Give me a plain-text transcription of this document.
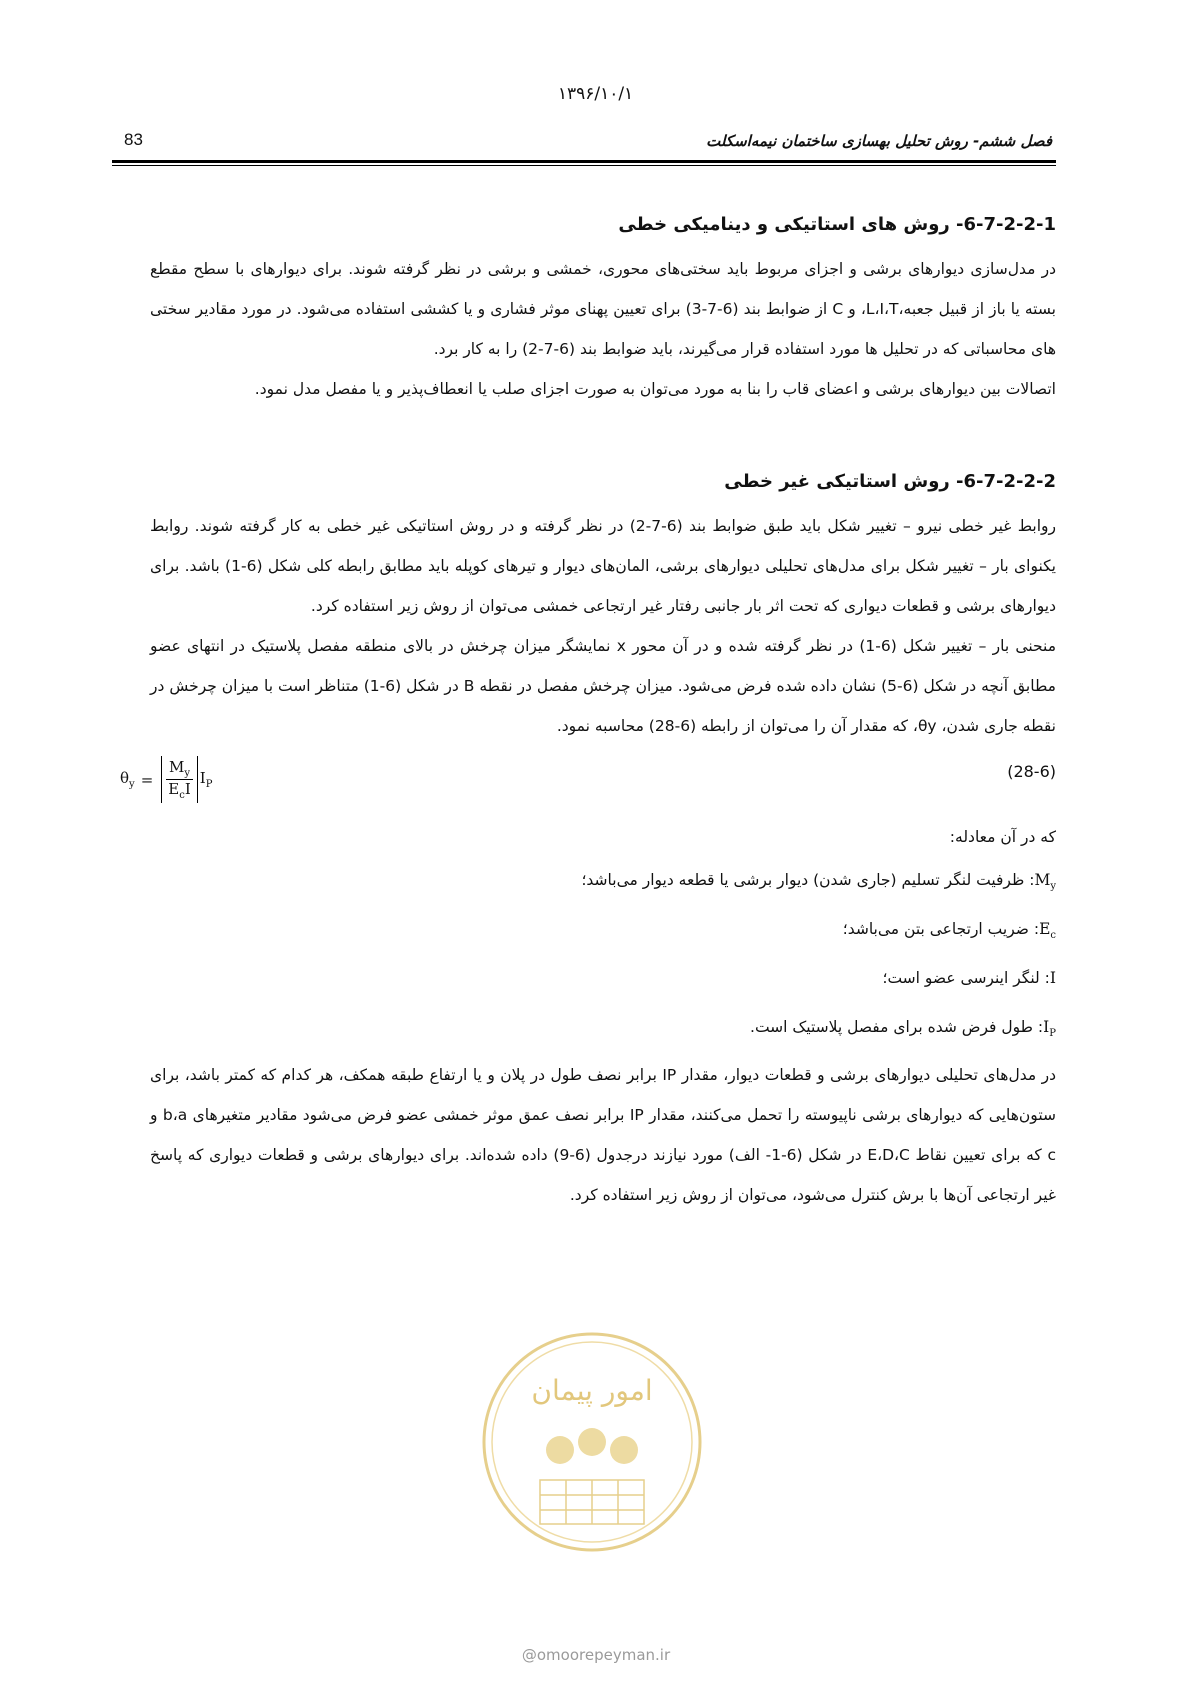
۱۳۹۶/۱۰/۱
83	فصل ششم- روش تحلیل بهسازی ساختمان نیمه‌اسکلت
6-7-2-2-1- روش های استاتیکی و دینامیکی خطی

در مدل‌سازی دیوارهای برشی و اجزای مربوط باید سختی‌های محوری، خمشی و برشی در نظر گرفته شوند. برای دیوارهای با سطح مقطع بسته یا باز از قبیل جعبه،L،I،T، و C از ضوابط بند (6-7-3) برای تعیین پهنای موثر فشاری و یا کششی استفاده می‌شود. در مورد مقادیر سختی های محاسباتی که در تحلیل ها مورد استفاده قرار می‌گیرند، باید ضوابط بند (6-7-2) را به کار برد.

اتصالات بین دیوارهای برشی و اعضای قاب را بنا به مورد می‌توان به صورت اجزای صلب یا انعطاف‌پذیر و یا مفصل مدل نمود.

6-7-2-2-2- روش استاتیکی غیر خطی

روابط غیر خطی نیرو – تغییر شکل باید طبق ضوابط بند (6-7-2) در نظر گرفته و در روش استاتیکی غیر خطی به کار گرفته شوند. روابط یکنوای بار – تغییر شکل برای مدل‌های تحلیلی دیوارهای برشی، المان‌های دیوار و تیرهای کوپله باید مطابق رابطه کلی شکل (6-1) باشد. برای دیوارهای برشی و قطعات دیواری که تحت اثر بار جانبی رفتار غیر ارتجاعی خمشی می‌توان از روش زیر استفاده کرد.

منحنی بار – تغییر شکل (6-1) در نظر گرفته شده و در آن محور x نمایشگر میزان چرخش در بالای منطقه مفصل پلاستیک در انتهای عضو مطابق آنچه در شکل (6-5) نشان داده شده فرض می‌شود. میزان چرخش مفصل در نقطه B در شکل (6-1) متناظر است با میزان چرخش در نقطه جاری شدن، θy، که مقدار آن را می‌توان از رابطه (6-28) محاسبه نمود.

$\theta_y = \frac{M_y}{E_cI} I_P$
(28-6)

که در آن معادله:

$M_y$: ظرفیت لنگر تسلیم (جاری شدن) دیوار برشی یا قطعه دیوار می‌باشد؛

$E_c$: ضریب ارتجاعی بتن می‌باشد؛

I: لنگر اینرسی عضو است؛

$I_P$: طول فرض شده برای مفصل پلاستیک است.

در مدل‌های تحلیلی دیوارهای برشی و قطعات دیوار، مقدار IP برابر نصف طول در پلان و یا ارتفاع طبقه همکف، هر کدام که کمتر باشد، برای ستون‌هایی که دیوارهای برشی ناپیوسته را تحمل می‌کنند، مقدار IP برابر نصف عمق موثر خمشی عضو فرض می‌شود مقادیر متغیرهای b،a و c که برای تعیین نقاط E،D،C در شکل (6-1- الف) مورد نیازند درجدول (6-9) داده شده‌اند. برای دیوارهای برشی و قطعات دیواری که پاسخ غیر ارتجاعی آن‌ها با برش کنترل می‌شود، می‌توان از روش زیر استفاده کرد.

امور پیمان
@omoorepeyman.ir
